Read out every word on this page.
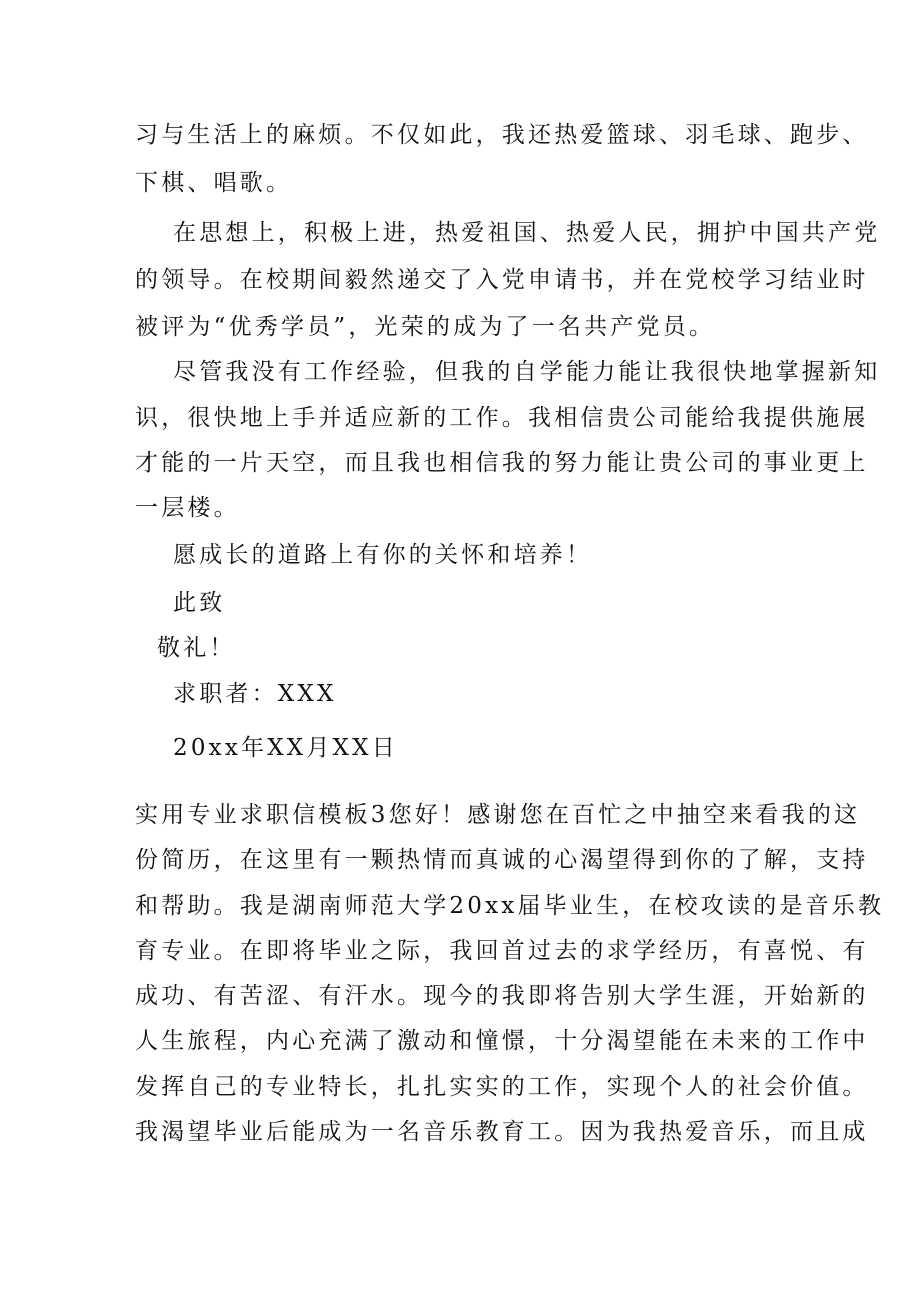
习与生活上的麻烦。不仅如此，我还热爱篮球、羽毛球、跑步、
下棋、唱歌。
在思想上，积极上进，热爱祖国、热爱人民，拥护中国共产党
的领导。在校期间毅然递交了入党申请书，并在党校学习结业时
被评为“优秀学员”，光荣的成为了一名共产党员。
尽管我没有工作经验，但我的自学能力能让我很快地掌握新知
识，很快地上手并适应新的工作。我相信贵公司能给我提供施展
才能的一片天空，而且我也相信我的努力能让贵公司的事业更上
一层楼。
愿成长的道路上有你的关怀和培养！
此致
敬礼！
求职者：XXX
20xx年XX月XX日
实用专业求职信模板3您好！感谢您在百忙之中抽空来看我的这
份简历，在这里有一颗热情而真诚的心渴望得到你的了解，支持
和帮助。我是湖南师范大学20xx届毕业生，在校攻读的是音乐教
育专业。在即将毕业之际，我回首过去的求学经历，有喜悦、有
成功、有苦涩、有汗水。现今的我即将告别大学生涯，开始新的
人生旅程，内心充满了激动和憧憬，十分渴望能在未来的工作中
发挥自己的专业特长，扎扎实实的工作，实现个人的社会价值。
我渴望毕业后能成为一名音乐教育工。因为我热爱音乐，而且成
